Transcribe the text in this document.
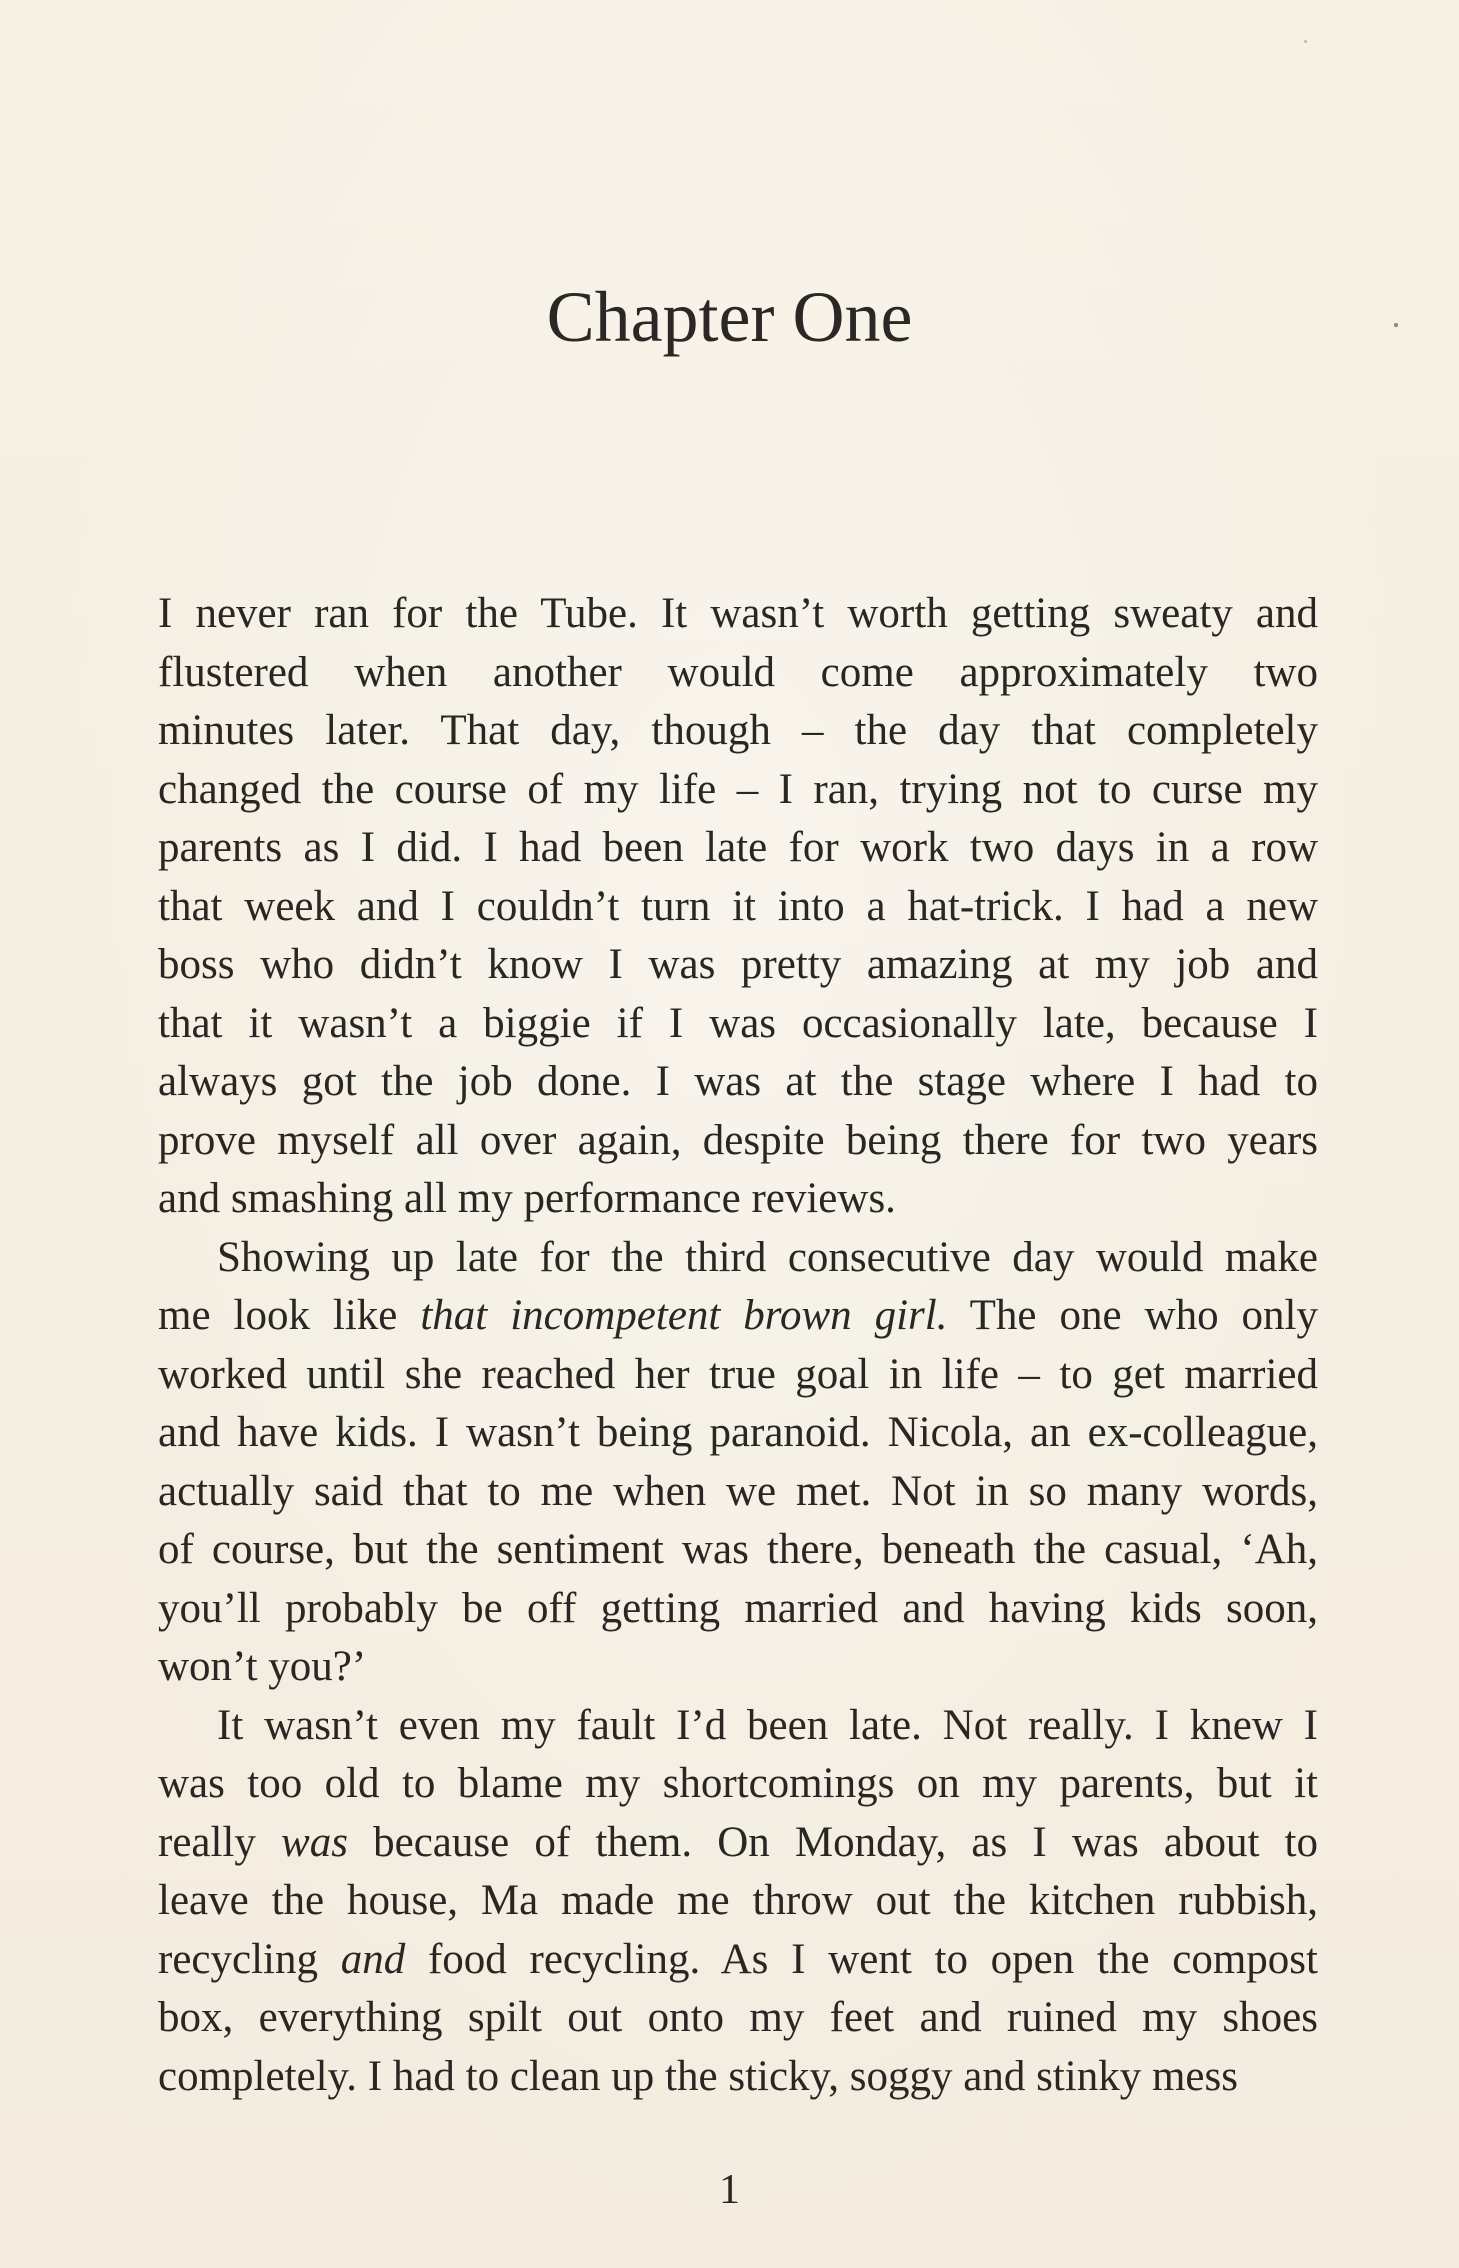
Chapter One
I never ran for the Tube. It wasn’t worth getting sweaty and
flustered when another would come approximately two
minutes later. That day, though – the day that completely
changed the course of my life – I ran, trying not to curse my
parents as I did. I had been late for work two days in a row
that week and I couldn’t turn it into a hat-trick. I had a new
boss who didn’t know I was pretty amazing at my job and
that it wasn’t a biggie if I was occasionally late, because I
always got the job done. I was at the stage where I had to
prove myself all over again, despite being there for two years
and smashing all my performance reviews.
Showing up late for the third consecutive day would make
me look like that incompetent brown girl. The one who only
worked until she reached her true goal in life – to get married
and have kids. I wasn’t being paranoid. Nicola, an ex-colleague,
actually said that to me when we met. Not in so many words,
of course, but the sentiment was there, beneath the casual, ‘Ah,
you’ll probably be off getting married and having kids soon,
won’t you?’
It wasn’t even my fault I’d been late. Not really. I knew I
was too old to blame my shortcomings on my parents, but it
really was because of them. On Monday, as I was about to
leave the house, Ma made me throw out the kitchen rubbish,
recycling and food recycling. As I went to open the compost
box, everything spilt out onto my feet and ruined my shoes
completely. I had to clean up the sticky, soggy and stinky mess
1
